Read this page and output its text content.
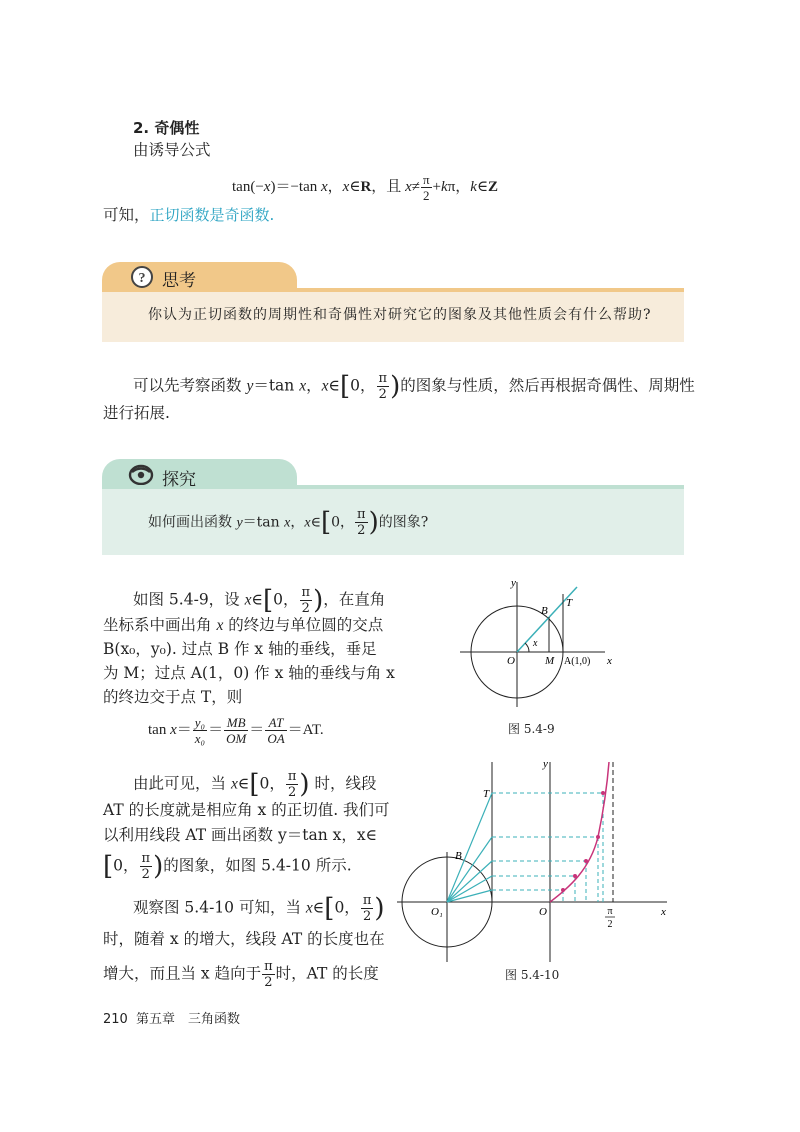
2. 奇偶性
由诱导公式
tan(−x)＝−tan x，x∈R，且 $x\ne \frac{\pi}{2} +k\pi$，k∈Z
可知，正切函数是奇函数.
? 思考
你认为正切函数的周期性和奇偶性对研究它的图象及其他性质会有什么帮助?
可以先考察函数 y＝tan x，x∈[0， $\frac{\pi}{2}$ )的图象与性质，然后再根据奇偶性、周期性
进行拓展.
探究
如何画出函数 y＝tan x，x∈[0， $\frac{\pi}{2}$ )的图象?
如图 5.4-9，设 x∈[0， $\frac{\pi}{2}$ )，在直角
坐标系中画出角 x 的终边与单位圆的交点
B(x₀，y₀). 过点 B 作 x 轴的垂线，垂足
为 M；过点 A(1，0) 作 x 轴的垂线与角 x
的终边交于点 T，则
$\tan x= \frac{\text{y₀}}{\text{x₀}} = \frac{MB}{OM} = \frac{AT}{OA} =AT$.
由此可见，当 x∈[0， $\frac{\pi}{2}$ ) 时，线段
AT 的长度就是相应角 x 的正切值. 我们可
以利用线段 AT 画出函数 y＝tan x，x∈
[0， $\frac{\pi}{2}$ )的图象，如图 5.4-10 所示.
观察图 5.4-10 可知，当 x∈[0， $\frac{\pi}{2}$ )
时，随着 x 的增大，线段 AT 的长度也在
增大，而且当 x 趋向于 $\frac{\pi}{2}$ 时，AT 的长度
y
x
O	M A(1,0)
B
T
x
图 5.4-9
y
x
O
O₁
T
B
π
2
图 5.4-10
210 第五章　三角函数
